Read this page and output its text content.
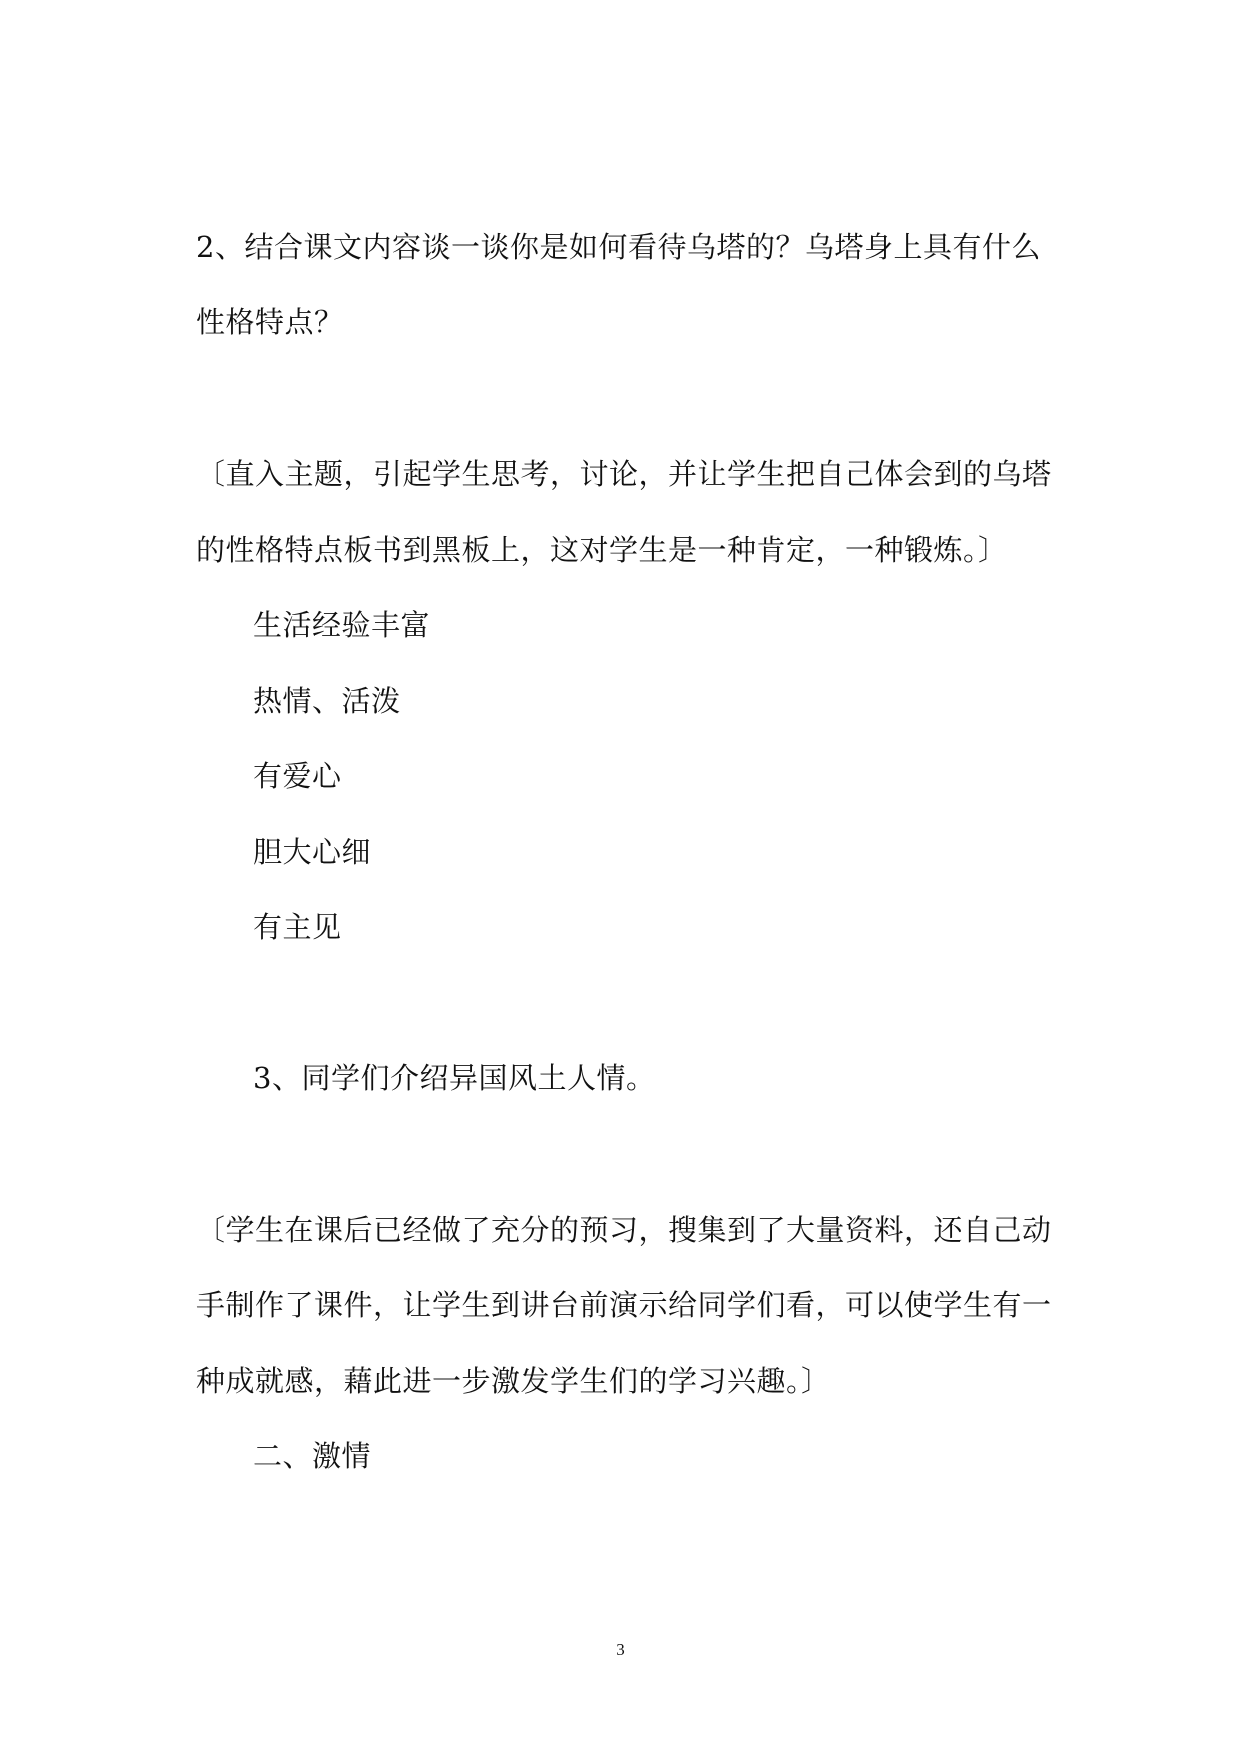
2、结合课文内容谈一谈你是如何看待乌塔的？乌塔身上具有什么
性格特点？
〔直入主题，引起学生思考，讨论，并让学生把自己体会到的乌塔
的性格特点板书到黑板上，这对学生是一种肯定，一种锻炼。〕
生活经验丰富
热情、活泼
有爱心
胆大心细
有主见
3、同学们介绍异国风土人情。
〔学生在课后已经做了充分的预习，搜集到了大量资料，还自己动
手制作了课件，让学生到讲台前演示给同学们看，可以使学生有一
种成就感，藉此进一步激发学生们的学习兴趣。〕
二、激情
3
